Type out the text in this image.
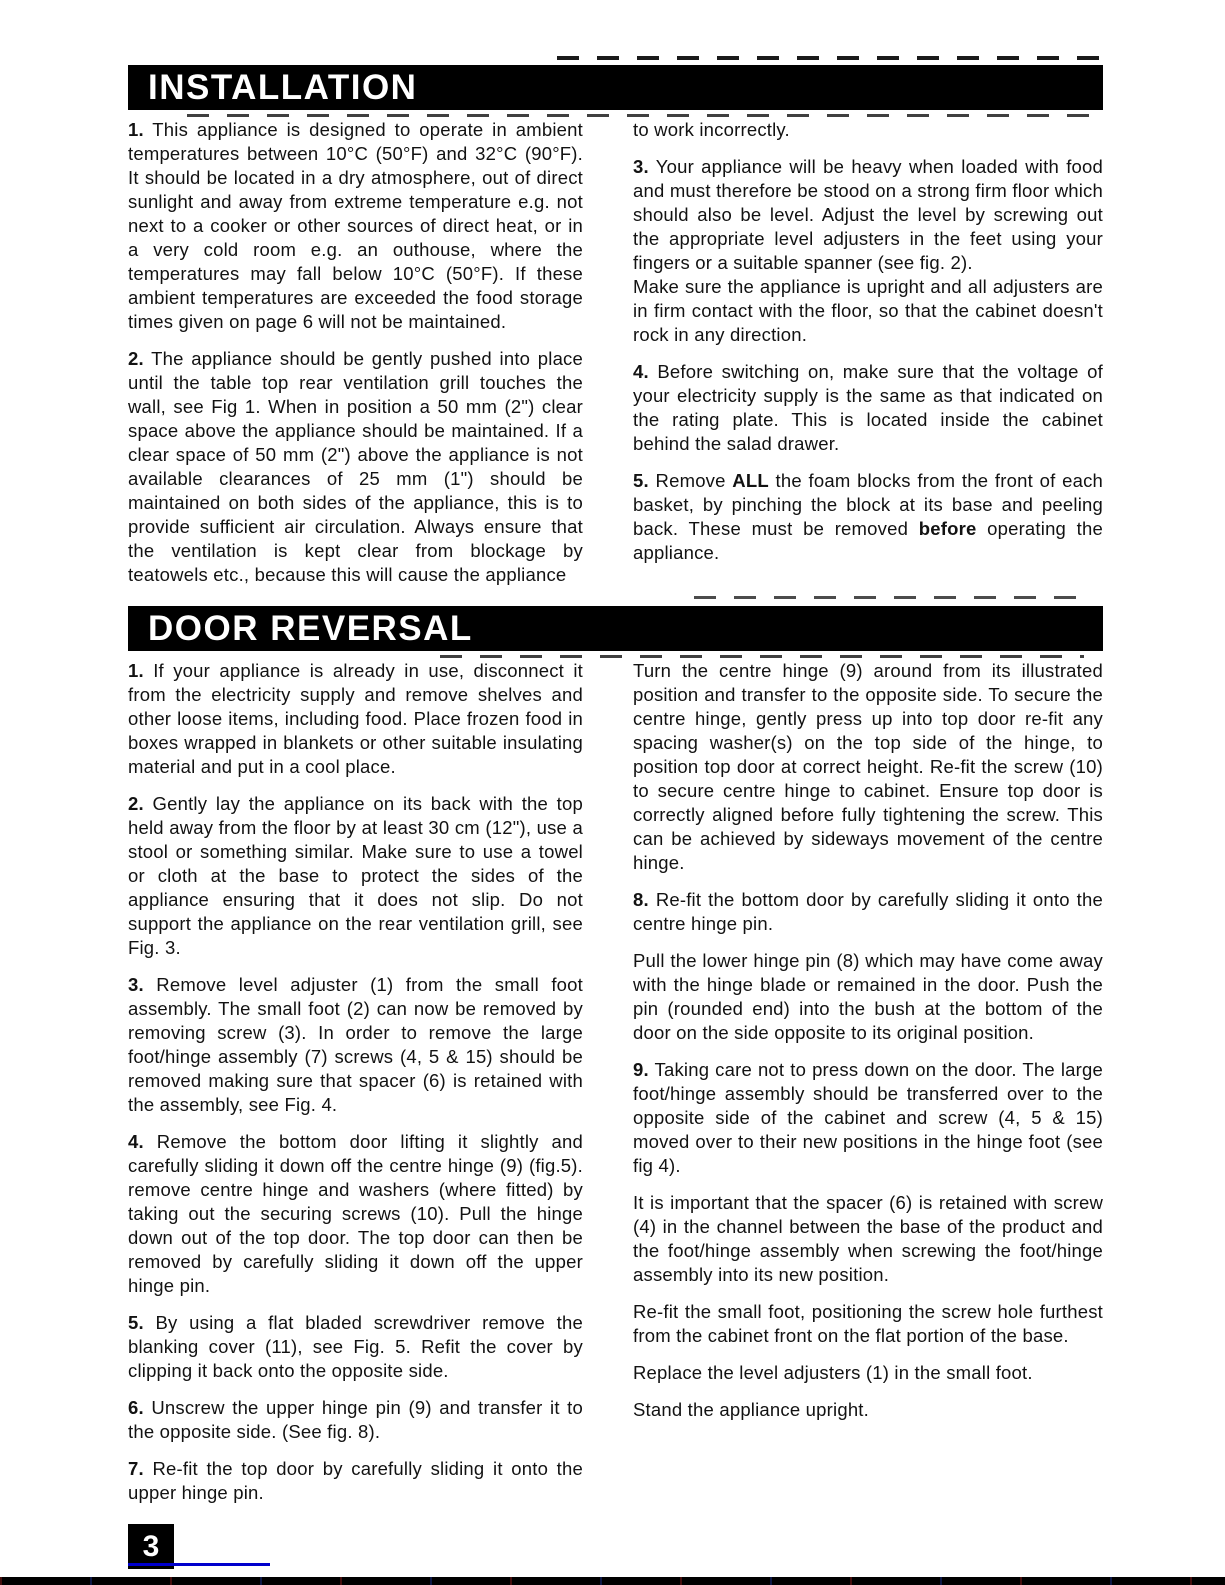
INSTALLATION

1. This appliance is designed to operate in ambient temperatures between 10°C (50°F) and 32°C (90°F). It should be located in a dry atmosphere, out of direct sunlight and away from extreme temperature e.g. not next to a cooker or other sources of direct heat, or in a very cold room e.g. an outhouse, where the temperatures may fall below 10°C (50°F). If these ambient temperatures are exceeded the food storage times given on page 6 will not be maintained.

2. The appliance should be gently pushed into place until the table top rear ventilation grill touches the wall, see Fig 1. When in position a 50 mm (2") clear space above the appliance should be maintained. If a clear space of 50 mm (2") above the appliance is not available clearances of 25 mm (1") should be maintained on both sides of the appliance, this is to provide sufficient air circulation. Always ensure that the ventilation is kept clear from blockage by teatowels etc., because this will cause the appliance

to work incorrectly.

3. Your appliance will be heavy when loaded with food and must therefore be stood on a strong firm floor which should also be level. Adjust the level by screwing out the appropriate level adjusters in the feet using your fingers or a suitable spanner (see fig. 2).

Make sure the appliance is upright and all adjusters are in firm contact with the floor, so that the cabinet doesn't rock in any direction.

4. Before switching on, make sure that the voltage of your electricity supply is the same as that indicated on the rating plate. This is located inside the cabinet behind the salad drawer.

5. Remove ALL the foam blocks from the front of each basket, by pinching the block at its base and peeling back. These must be removed before operating the appliance.

DOOR REVERSAL

1. If your appliance is already in use, disconnect it from the electricity supply and remove shelves and other loose items, including food. Place frozen food in boxes wrapped in blankets or other suitable insulating material and put in a cool place.

2. Gently lay the appliance on its back with the top held away from the floor by at least 30 cm (12"), use a stool or something similar. Make sure to use a towel or cloth at the base to protect the sides of the appliance ensuring that it does not slip. Do not support the appliance on the rear ventilation grill, see Fig. 3.

3. Remove level adjuster (1) from the small foot assembly. The small foot (2) can now be removed by removing screw (3). In order to remove the large foot/hinge assembly (7) screws (4, 5 & 15) should be removed making sure that spacer (6) is retained with the assembly, see Fig. 4.

4. Remove the bottom door lifting it slightly and carefully sliding it down off the centre hinge (9) (fig.5). remove centre hinge and washers (where fitted) by taking out the securing screws (10). Pull the hinge down out of the top door. The top door can then be removed by carefully sliding it down off the upper hinge pin.

5. By using a flat bladed screwdriver remove the blanking cover (11), see Fig. 5. Refit the cover by clipping it back onto the opposite side.

6. Unscrew the upper hinge pin (9) and transfer it to the opposite side. (See fig. 8).

7. Re-fit the top door by carefully sliding it onto the upper hinge pin.

3

Turn the centre hinge (9) around from its illustrated position and transfer to the opposite side. To secure the centre hinge, gently press up into top door re-fit any spacing washer(s) on the top side of the hinge, to position top door at correct height. Re-fit the screw (10) to secure centre hinge to cabinet. Ensure top door is correctly aligned before fully tightening the screw. This can be achieved by sideways movement of the centre hinge.

8. Re-fit the bottom door by carefully sliding it onto the centre hinge pin.

Pull the lower hinge pin (8) which may have come away with the hinge blade or remained in the door. Push the pin (rounded end) into the bush at the bottom of the door on the side opposite to its original position.

9. Taking care not to press down on the door. The large foot/hinge assembly should be transferred over to the opposite side of the cabinet and screw (4, 5 & 15) moved over to their new positions in the hinge foot (see fig 4).

It is important that the spacer (6) is retained with screw (4) in the channel between the base of the product and the foot/hinge assembly when screwing the foot/hinge assembly into its new position.

Re-fit the small foot, positioning the screw hole furthest from the cabinet front on the flat portion of the base.

Replace the level adjusters (1) in the small foot.

Stand the appliance upright.
